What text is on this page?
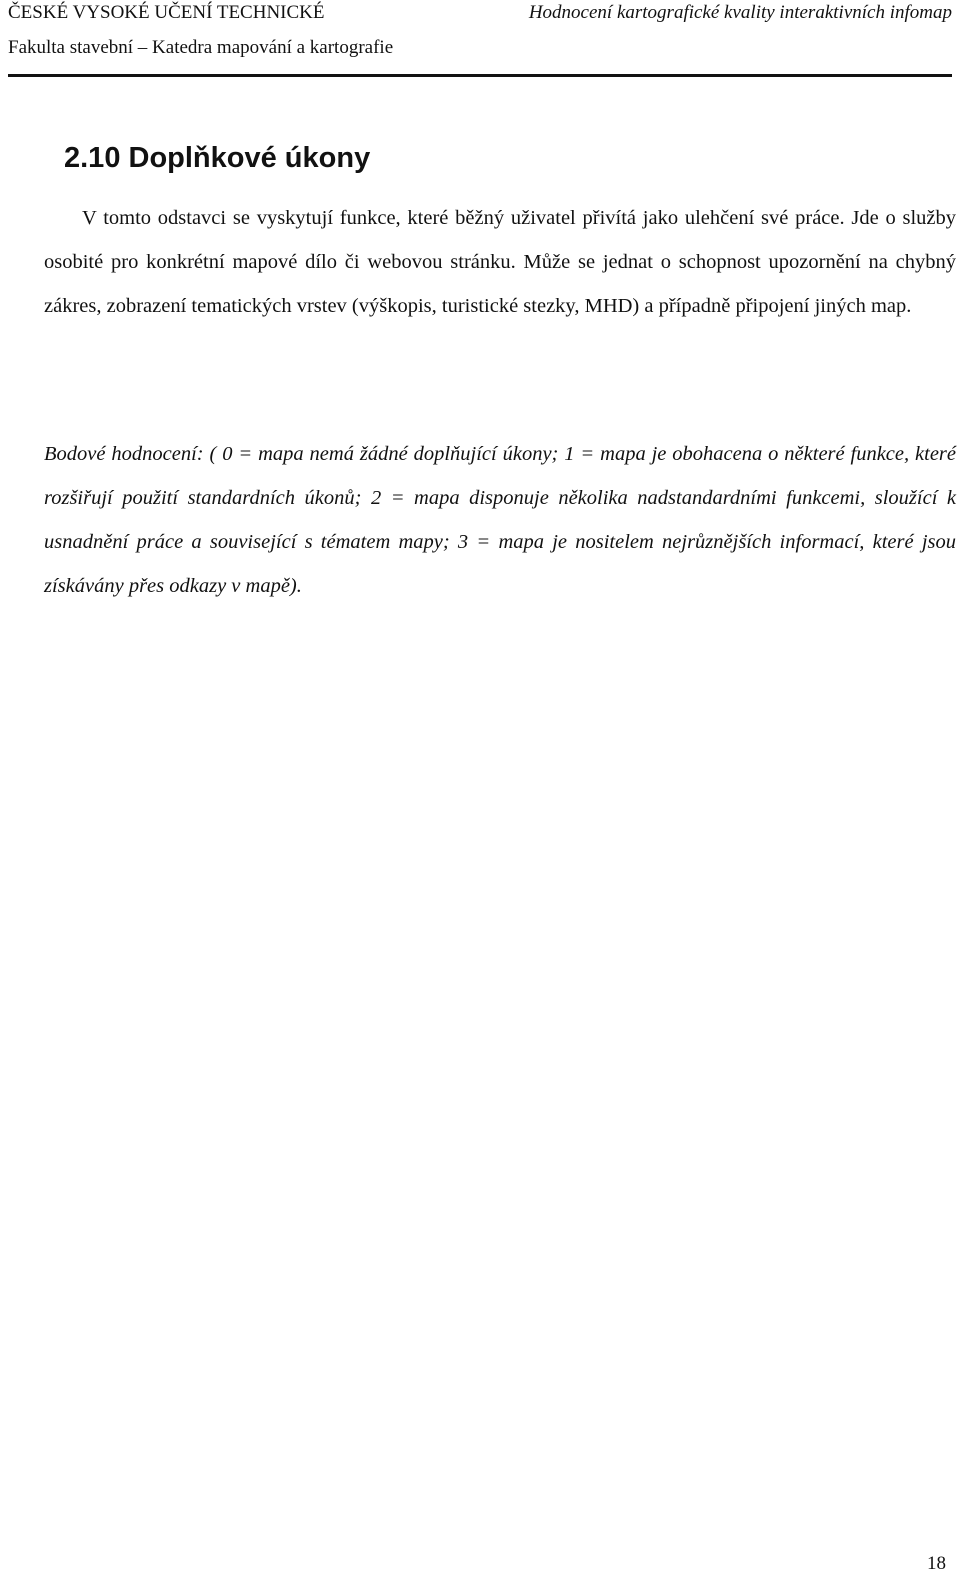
ČESKÉ VYSOKÉ UČENÍ TECHNICKÉ
Fakulta stavební – Katedra mapování a kartografie
Hodnocení kartografické kvality interaktivních infomap
2.10 Doplňkové úkony

V tomto odstavci se vyskytují funkce, které běžný uživatel přivítá jako ulehčení své práce. Jde o služby osobité pro konkrétní mapové dílo či webovou stránku. Může se jednat o schopnost upozornění na chybný zákres, zobrazení tematických vrstev (výškopis, turistické stezky, MHD) a případně připojení jiných map.

Bodové hodnocení: ( 0 = mapa nemá žádné doplňující úkony; 1 = mapa je obohacena o některé funkce, které rozšiřují použití standardních úkonů; 2 = mapa disponuje několika nadstandardními funkcemi, sloužící k usnadnění práce a související s tématem mapy; 3 = mapa je nositelem nejrůznějších informací, které jsou získávány přes odkazy v mapě).

18
